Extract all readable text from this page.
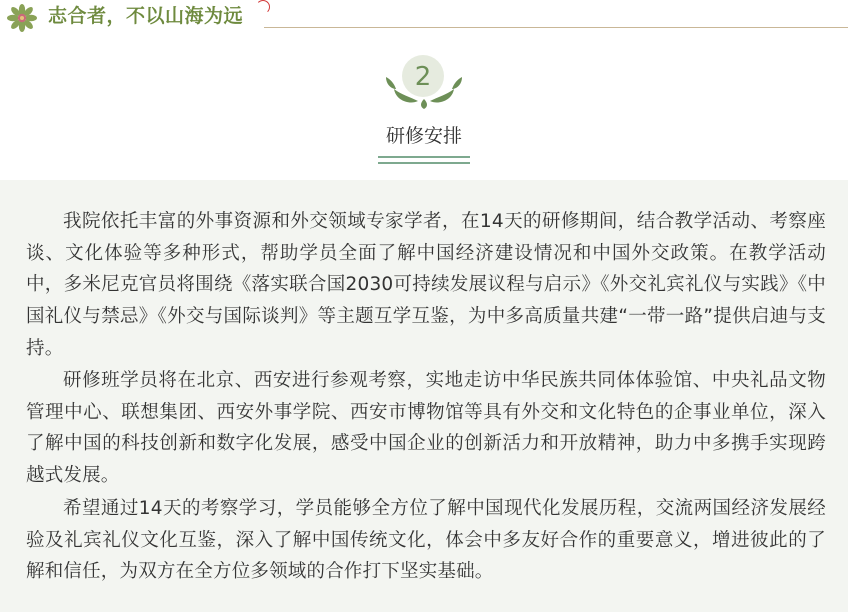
志合者，不以山海为远
2
研修安排

我院依托丰富的外事资源和外交领域专家学者，在14天的研修期间，结合教学活动、考察座谈、文化体验等多种形式，帮助学员全面了解中国经济建设情况和中国外交政策。在教学活动中，多米尼克官员将围绕《落实联合国2030可持续发展议程与启示》《外交礼宾礼仪与实践》《中国礼仪与禁忌》《外交与国际谈判》等主题互学互鉴，为中多高质量共建“一带一路”提供启迪与支持。

研修班学员将在北京、西安进行参观考察，实地走访中华民族共同体体验馆、中央礼品文物管理中心、联想集团、西安外事学院、西安市博物馆等具有外交和文化特色的企事业单位，深入了解中国的科技创新和数字化发展，感受中国企业的创新活力和开放精神，助力中多携手实现跨越式发展。

希望通过14天的考察学习，学员能够全方位了解中国现代化发展历程，交流两国经济发展经验及礼宾礼仪文化互鉴，深入了解中国传统文化，体会中多友好合作的重要意义，增进彼此的了解和信任，为双方在全方位多领域的合作打下坚实基础。
